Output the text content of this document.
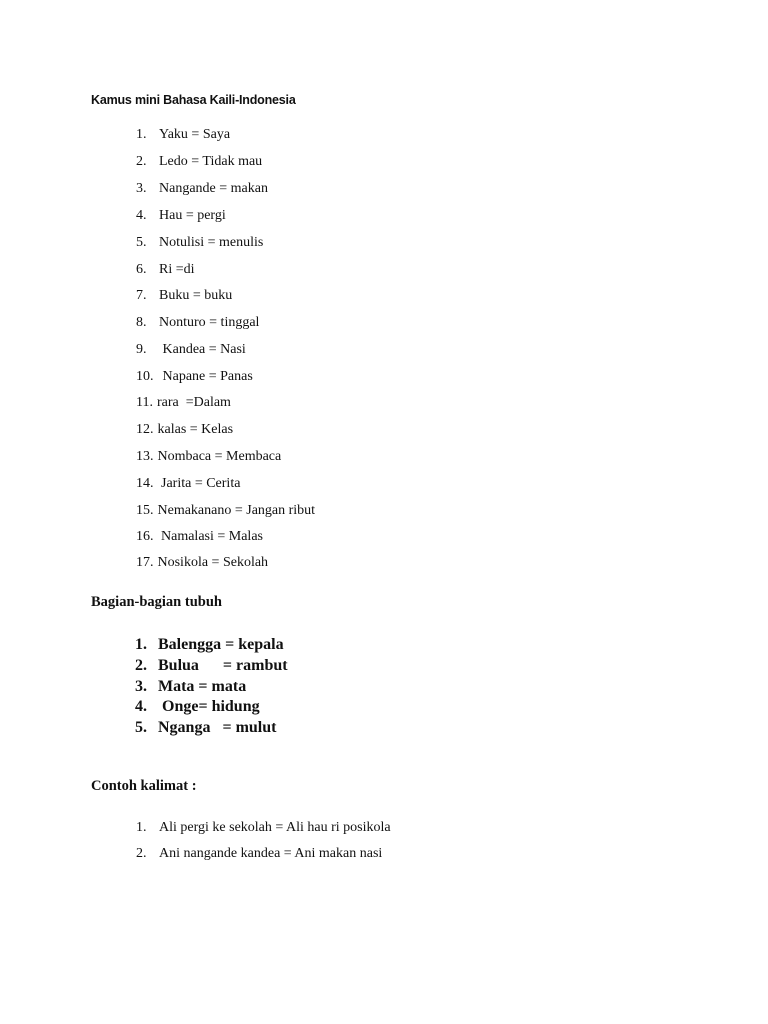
Kamus mini Bahasa Kaili-Indonesia

1. Yaku = Saya
2. Ledo = Tidak mau
3. Nangande = makan
4. Hau = pergi
5. Notulisi = menulis
6. Ri =di
7. Buku = buku
8. Nonturo = tinggal
9. Kandea = Nasi
10. Napane = Panas
11. rara  =Dalam
12. kalas = Kelas
13. Nombaca = Membaca
14. Jarita = Cerita
15. Nemakanano = Jangan ribut
16. Namalasi = Malas
17. Nosikola = Sekolah

Bagian-bagian tubuh

1. Balengga = kepala
2. Bulua      = rambut
3. Mata = mata
4. Onge= hidung
5. Nganga   = mulut

Contoh kalimat :

1. Ali pergi ke sekolah = Ali hau ri posikola
2. Ani nangande kandea = Ani makan nasi
